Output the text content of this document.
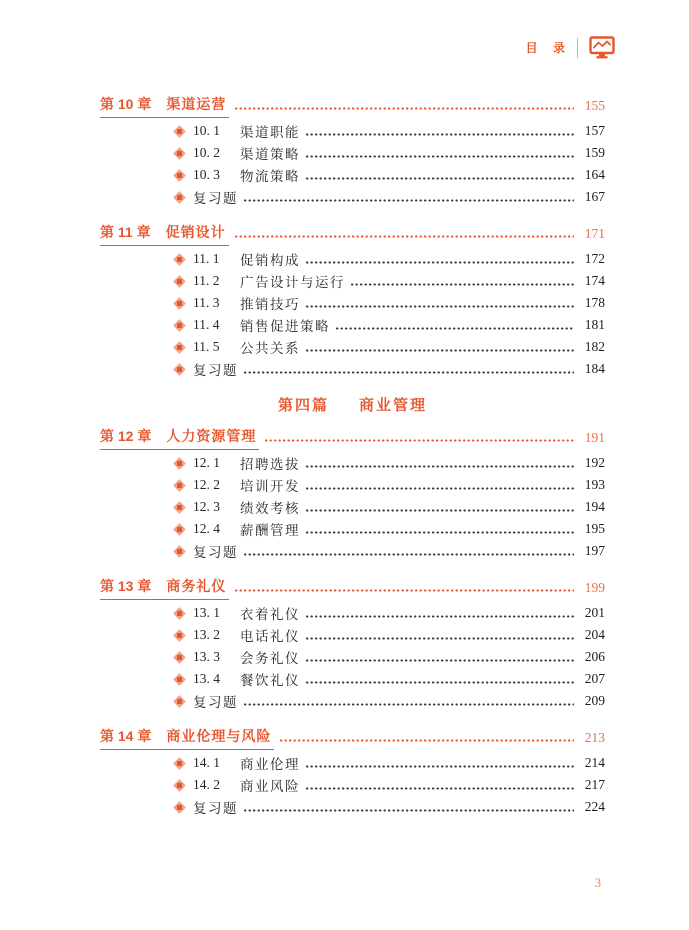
目 录
第 10 章 渠道运营	155
10. 1	渠道职能	157
10. 2	渠道策略	159
10. 3	物流策略	164
复习题	167
第 11 章 促销设计	171
11. 1	促销构成	172
11. 2	广告设计与运行	174
11. 3	推销技巧	178
11. 4	销售促进策略	181
11. 5	公共关系	182
复习题	184
第四篇 商业管理
第 12 章 人力资源管理	191
12. 1	招聘选拔	192
12. 2	培训开发	193
12. 3	绩效考核	194
12. 4	薪酬管理	195
复习题	197
第 13 章 商务礼仪	199
13. 1	衣着礼仪	201
13. 2	电话礼仪	204
13. 3	会务礼仪	206
13. 4	餐饮礼仪	207
复习题	209
第 14 章 商业伦理与风险	213
14. 1	商业伦理	214
14. 2	商业风险	217
复习题	224
3
